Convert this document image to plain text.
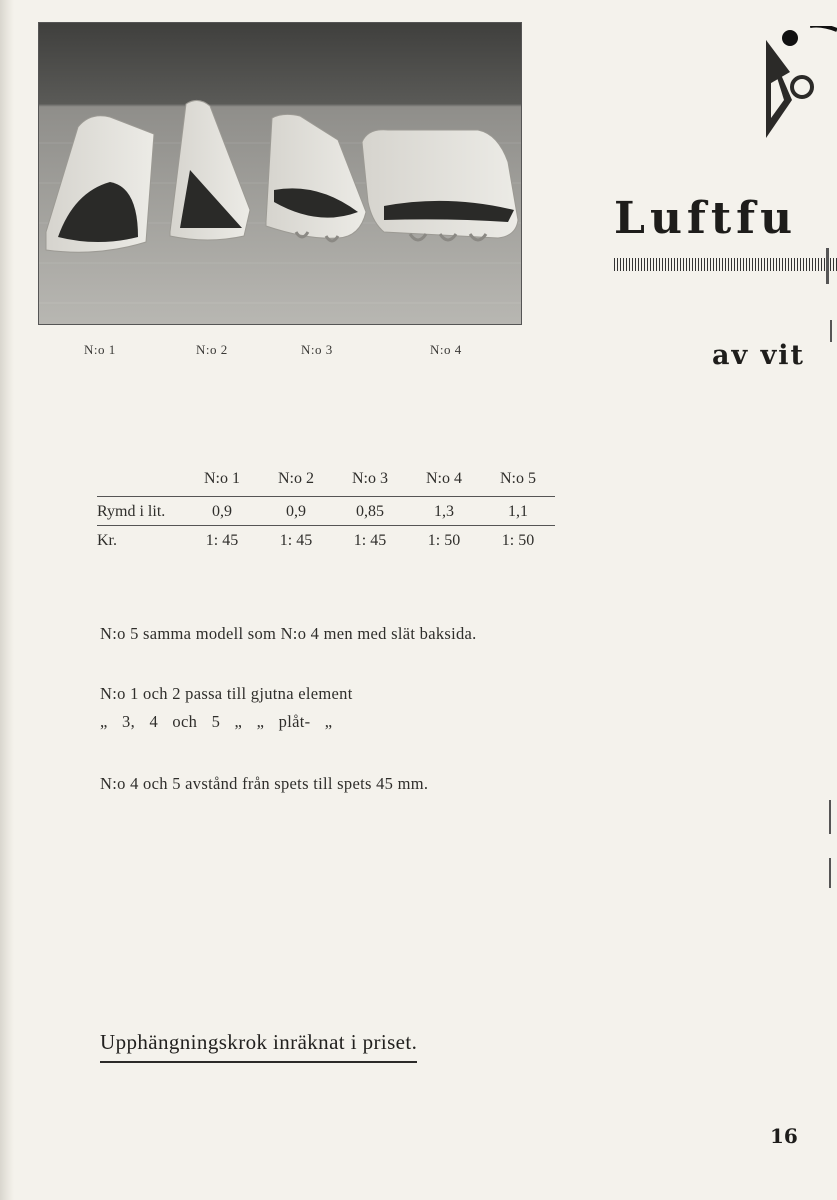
N:o 1	N:o 2	N:o 3	N:o 4
Luftfu
av vit
	N:o 1	N:o 2	N:o 3	N:o 4	N:o 5
Rymd i lit.	0,9	0,9	0,85	1,3	1,1
Kr.	1: 45	1: 45	1: 45	1: 50	1: 50
N:o 5 samma modell som N:o 4 men med slät baksida.
N:o 1 och 2 passa till gjutna element
„ 3, 4 och 5 „ „ plåt- „
N:o 4 och 5 avstånd från spets till spets 45 mm.
Upphängningskrok inräknat i priset.
16
